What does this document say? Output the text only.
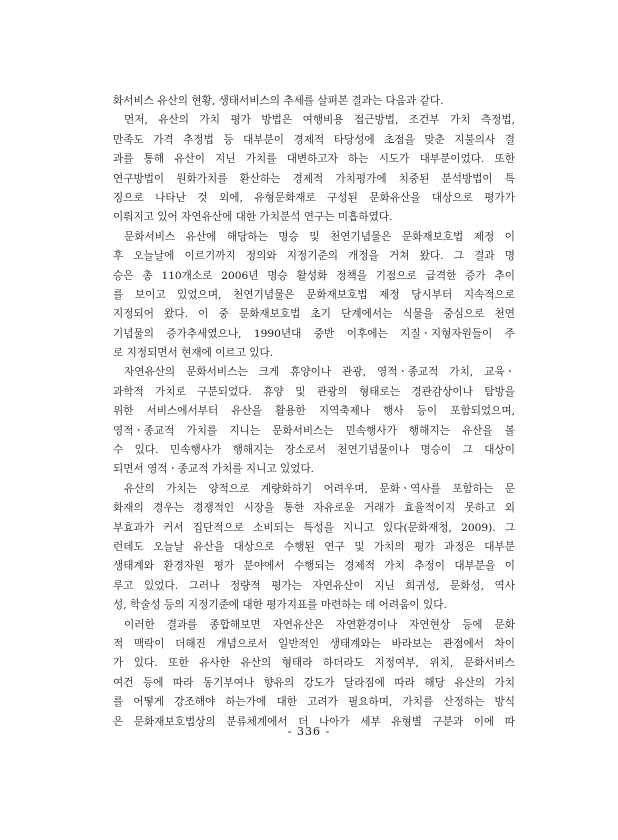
화서비스 유산의 현황, 생태서비스의 추세를 살펴본 결과는 다음과 같다.
먼저, 유산의 가치 평가 방법은 여행비용 접근방법, 조건부 가치 측정법,
만족도 가격 추정법 등 대부분이 경제적 타당성에 초점을 맞춘 지불의사 결
과를 통해 유산이 지닌 가치를 대변하고자 하는 시도가 대부분이었다. 또한
연구방법이 원화가치를 환산하는 경제적 가치평가에 치중된 분석방법이 특
징으로 나타난 것 외에, 유형문화재로 구성된 문화유산을 대상으로 평가가
이뤄지고 있어 자연유산에 대한 가치분석 연구는 미흡하였다.
문화서비스 유산에 해당하는 명승 및 천연기념물은 문화재보호법 제정 이
후 오늘날에 이르기까지 정의와 지정기준의 개정을 거쳐 왔다. 그 결과 명
승은 총 110개소로 2006년 명승 활성화 정책을 기점으로 급격한 증가 추이
를 보이고 있었으며, 천연기념물은 문화재보호법 제정 당시부터 지속적으로
지정되어 왔다. 이 중 문화재보호법 초기 단계에서는 식물을 중심으로 천연
기념물의 증가추세였으나, 1990년대 중반 이후에는 지질ㆍ지형자원들이 주
로 지정되면서 현재에 이르고 있다.
자연유산의 문화서비스는 크게 휴양이나 관광, 영적ㆍ종교적 가치, 교육ㆍ
과학적 가치로 구분되었다. 휴양 및 관광의 형태로는 경관감상이나 탐방을
위한 서비스에서부터 유산을 활용한 지역축제나 행사 등이 포함되었으며,
영적ㆍ종교적 가치를 지니는 문화서비스는 민속행사가 행해지는 유산을 볼
수 있다. 민속행사가 행해지는 장소로서 천연기념물이나 명승이 그 대상이
되면서 영적ㆍ종교적 가치를 지니고 있었다.
유산의 가치는 양적으로 계량화하기 어려우며, 문화ㆍ역사를 포함하는 문
화재의 경우는 경쟁적인 시장을 통한 자유로운 거래가 효율적이지 못하고 외
부효과가 커서 집단적으로 소비되는 특성을 지니고 있다(문화재청, 2009). 그
런데도 오늘날 유산을 대상으로 수행된 연구 및 가치의 평가 과정은 대부분
생태계와 환경자원 평가 분야에서 수행되는 경제적 가치 추정이 대부분을 이
루고 있었다. 그러나 정량적 평가는 자연유산이 지닌 희귀성, 문화성, 역사
성, 학술성 등의 지정기준에 대한 평가지표를 마련하는 데 어려움이 있다.
이러한 결과를 종합해보면 자연유산은 자연환경이나 자연현상 등에 문화
적 맥락이 더해진 개념으로서 일반적인 생태계와는 바라보는 관점에서 차이
가 있다. 또한 유사한 유산의 형태라 하더라도 지정여부, 위치, 문화서비스
여건 등에 따라 동기부여나 향유의 강도가 달라짐에 따라 해당 유산의 가치
를 어떻게 강조해야 하는가에 대한 고려가 필요하며, 가치를 산정하는 방식
은 문화재보호법상의 분류체계에서 더 나아가 세부 유형별 구분과 이에 따
- 336 -
